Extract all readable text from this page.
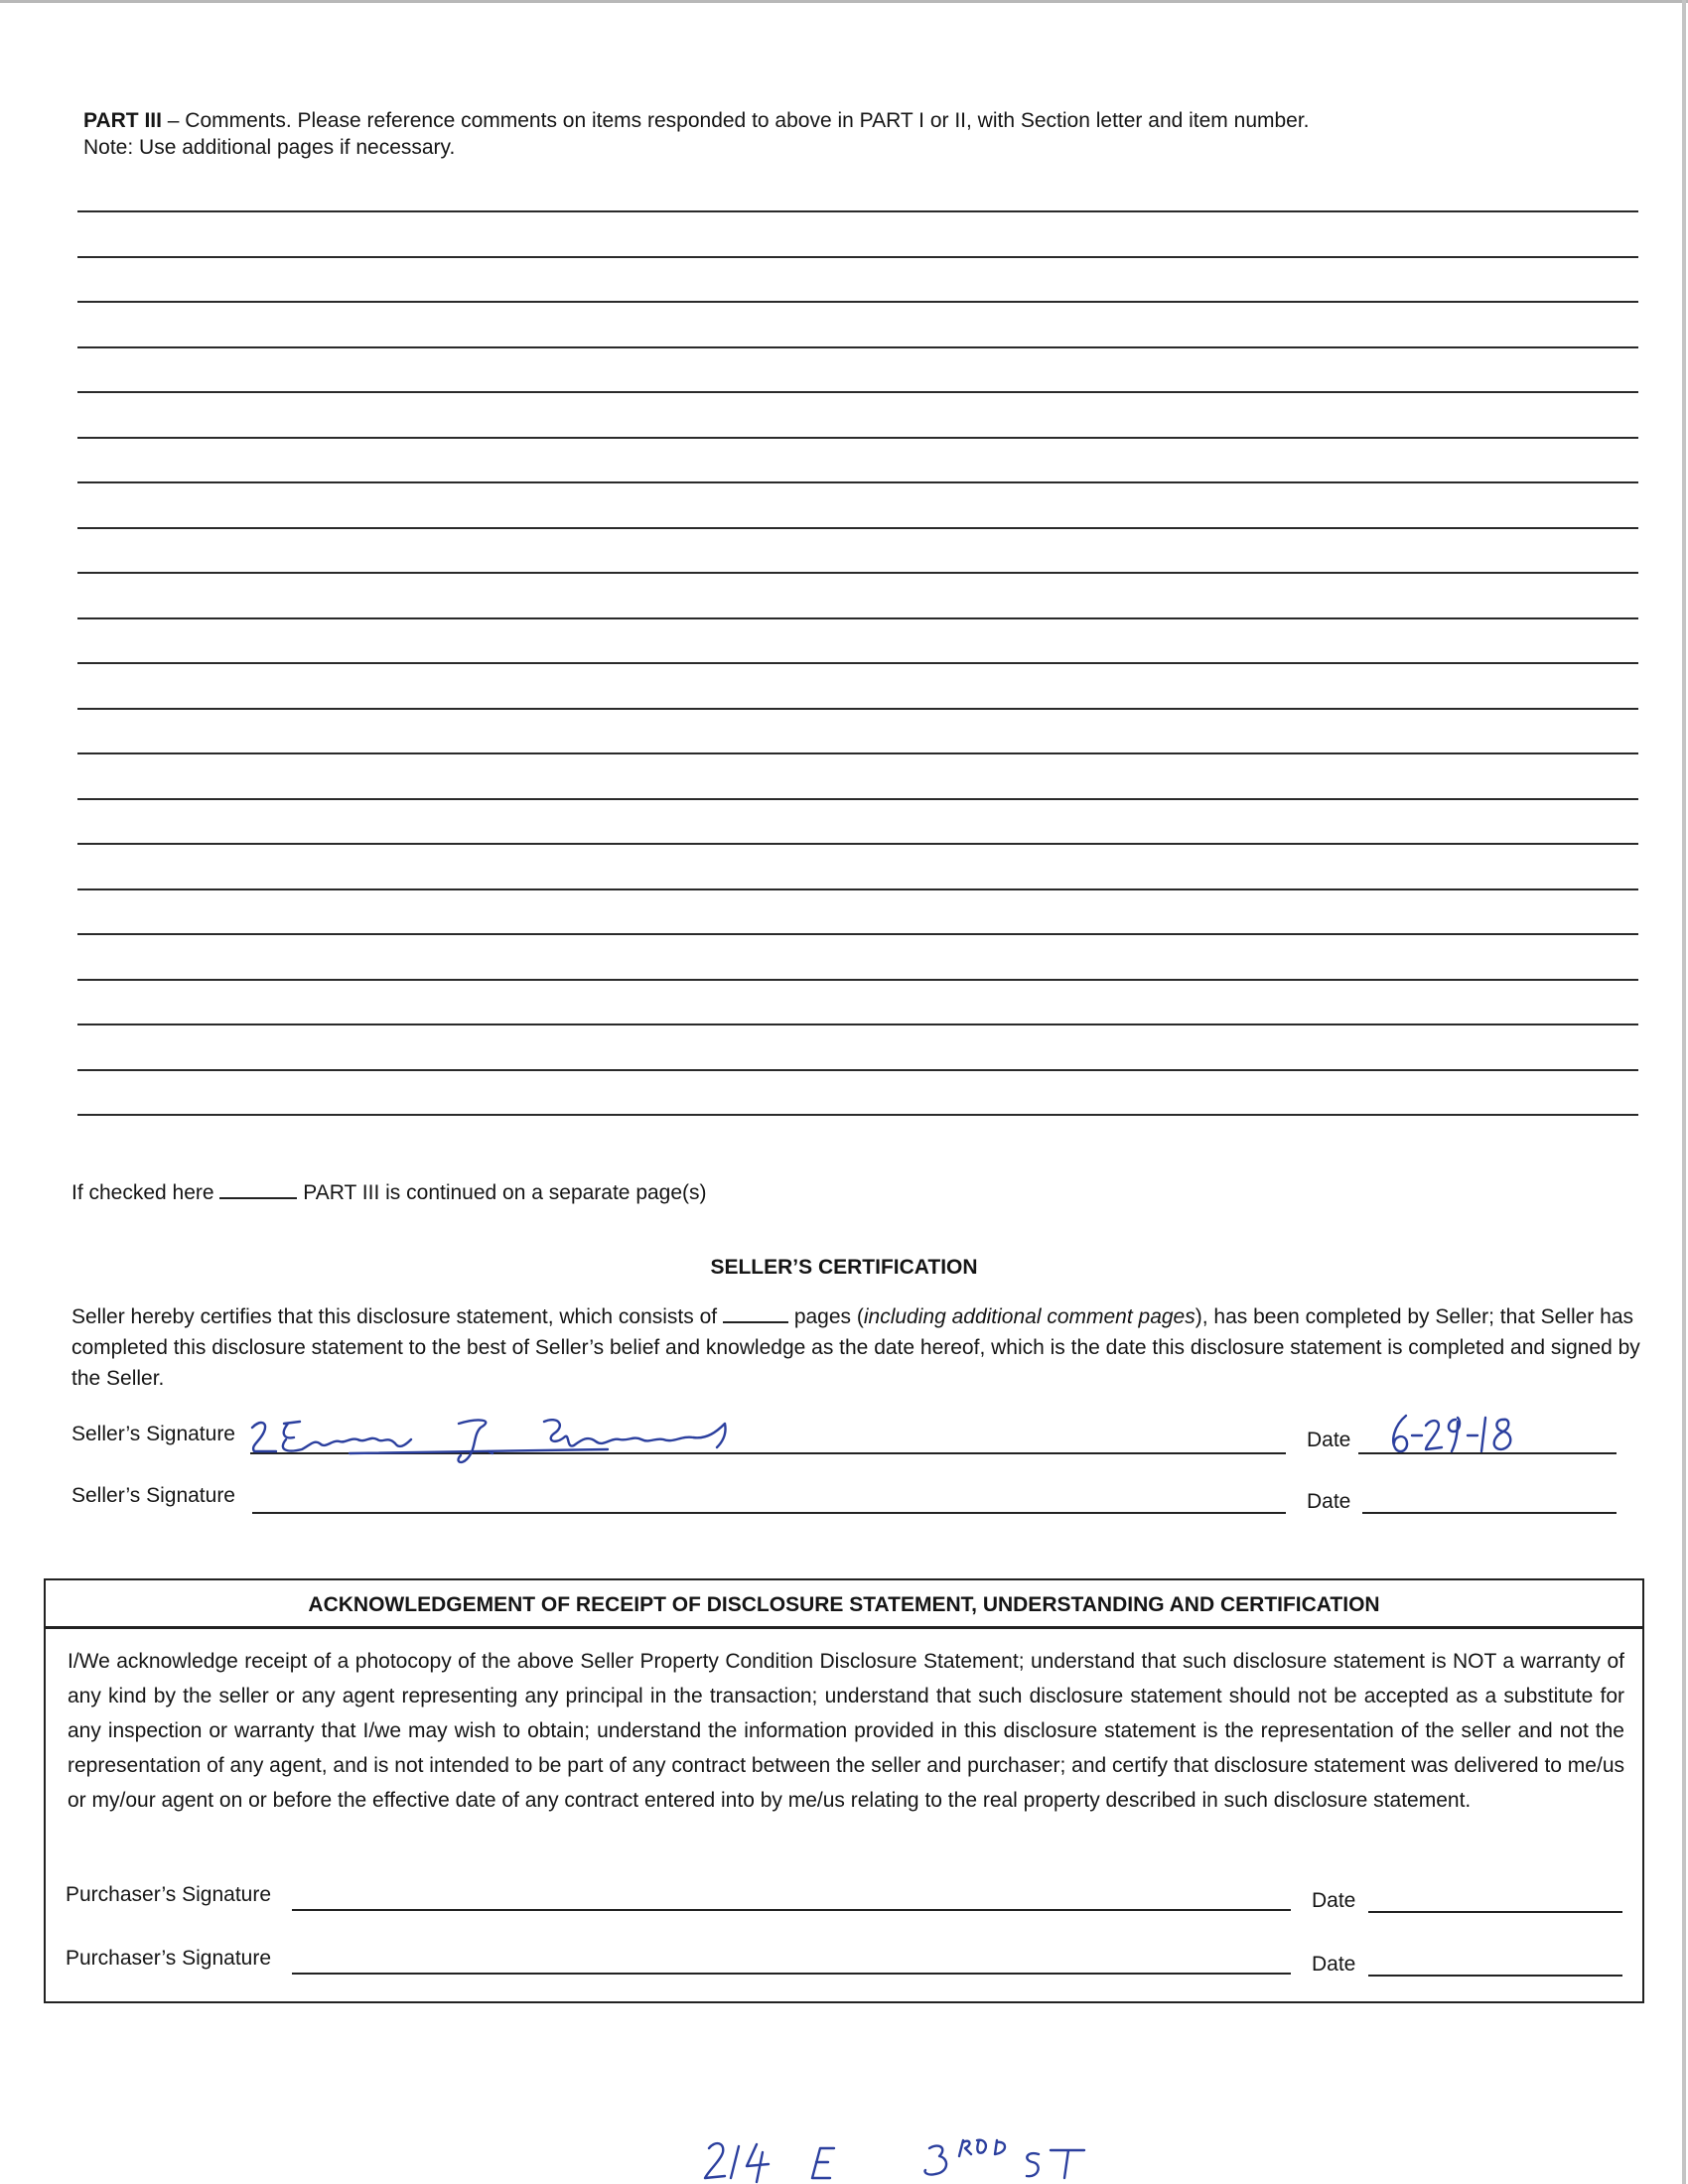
PART III – Comments. Please reference comments on items responded to above in PART I or II, with Section letter and item number.
Note: Use additional pages if necessary.
If checked here	PART III is continued on a separate page(s)
SELLER’S CERTIFICATION
Seller hereby certifies that this disclosure statement, which consists of	pages (including additional comment pages), has been completed by Seller; that Seller has completed this disclosure statement to the best of Seller’s belief and knowledge as the date hereof, which is the date this disclosure statement is completed and signed by the Seller.
Seller’s Signature	Date
Seller’s Signature	Date
ACKNOWLEDGEMENT OF RECEIPT OF DISCLOSURE STATEMENT, UNDERSTANDING AND CERTIFICATION
I/We acknowledge receipt of a photocopy of the above Seller Property Condition Disclosure Statement; understand that such disclosure statement is NOT a warranty of any kind by the seller or any agent representing any principal in the transaction; understand that such disclosure statement should not be accepted as a substitute for any inspection or warranty that I/we may wish to obtain; understand the information provided in this disclosure statement is the representation of the seller and not the representation of any agent, and is not intended to be part of any contract between the seller and purchaser; and certify that disclosure statement was delivered to me/us or my/our agent on or before the effective date of any contract entered into by me/us relating to the real property described in such disclosure statement.
Purchaser’s Signature	Date
Purchaser’s Signature	Date
